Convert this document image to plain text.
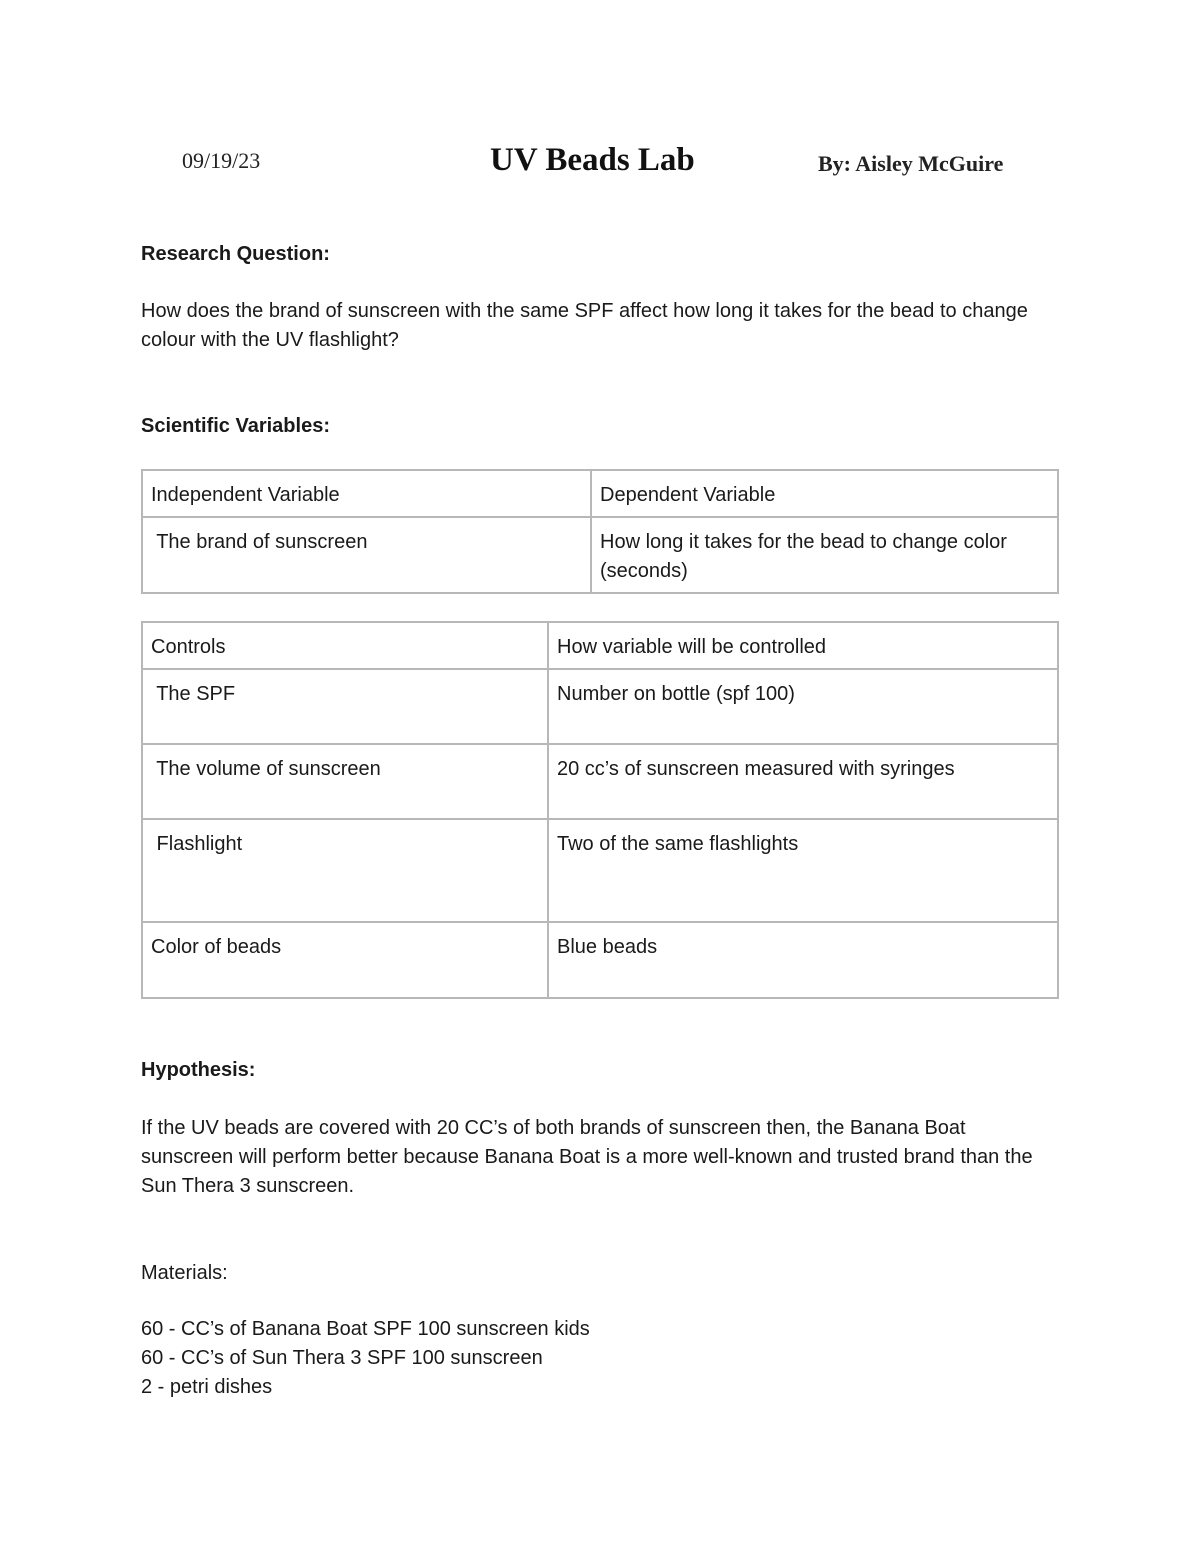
09/19/23	UV Beads Lab	By: Aisley McGuire

Research Question:

How does the brand of sunscreen with the same SPF affect how long it takes for the bead to change colour with the UV flashlight?

Scientific Variables:

Independent Variable	Dependent Variable
The brand of sunscreen	How long it takes for the bead to change color (seconds)
Controls	How variable will be controlled
The SPF	Number on bottle (spf 100)
The volume of sunscreen	20 cc’s of sunscreen measured with syringes
Flashlight	Two of the same flashlights
Color of beads	Blue beads

Hypothesis:

If the UV beads are covered with 20 CC’s of both brands of sunscreen then, the Banana Boat sunscreen will perform better because Banana Boat is a more well-known and trusted brand than the Sun Thera 3 sunscreen.

Materials:

60 - CC’s of Banana Boat SPF 100 sunscreen kids
60 - CC’s of Sun Thera 3 SPF 100 sunscreen
2 - petri dishes
